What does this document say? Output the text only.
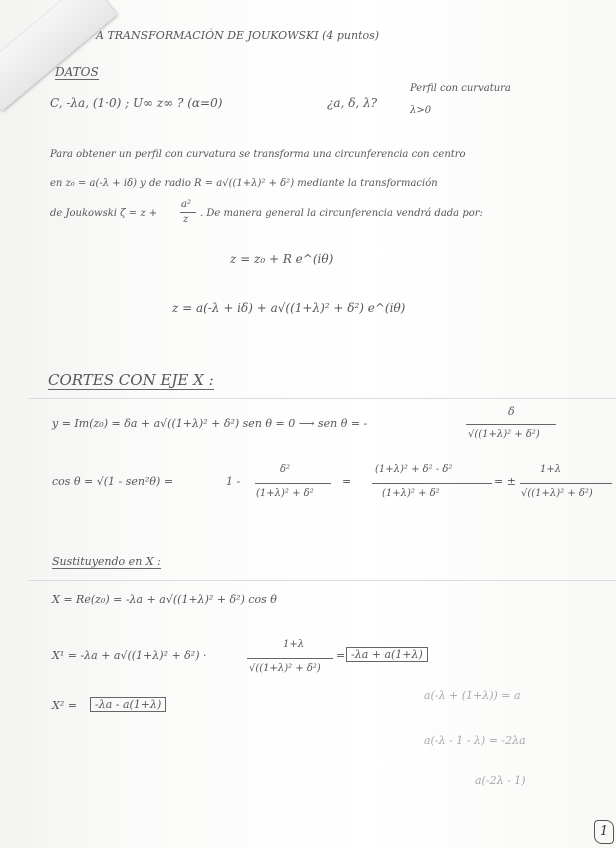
A TRANSFORMACIÓN DE JOUKOWSKI (4 puntos)
DATOS
C, -λa, (1·0) ; U∞ z∞ ? (α=0)	¿a, δ, λ?
Perfil con curvatura
λ>0
Para obtener un perfil con curvatura se transforma una circunferencia con centro
en z₀ = a(-λ + iδ) y de radio R = a√((1+λ)² + δ²) mediante la transformación
de Joukowski ζ = z +
a²
z
. De manera general la circunferencia vendrá dada por:
z = z₀ + R e^(iθ)
z = a(-λ + iδ) + a√((1+λ)² + δ²) e^(iθ)
CORTES CON EJE X :
y = Im(z₀) = δa + a√((1+λ)² + δ²) sen θ = 0 ⟶ sen θ = -
δ
√((1+λ)² + δ²)
cos θ = √(1 - sen²θ) =	1 -
δ²
(1+λ)² + δ²
=
(1+λ)² + δ² - δ²
(1+λ)² + δ²
= ±
1+λ
√((1+λ)² + δ²)
Sustituyendo en X :
X = Re(z₀) = -λa + a√((1+λ)² + δ²) cos θ
X¹ = -λa + a√((1+λ)² + δ²) ·
1+λ
√((1+λ)² + δ²)
= -λa + a(1+λ)
X² =	-λa - a(1+λ)
a(-λ + (1+λ)) = a
a(-λ - 1 - λ) = -2λa
a(-2λ - 1)
1
